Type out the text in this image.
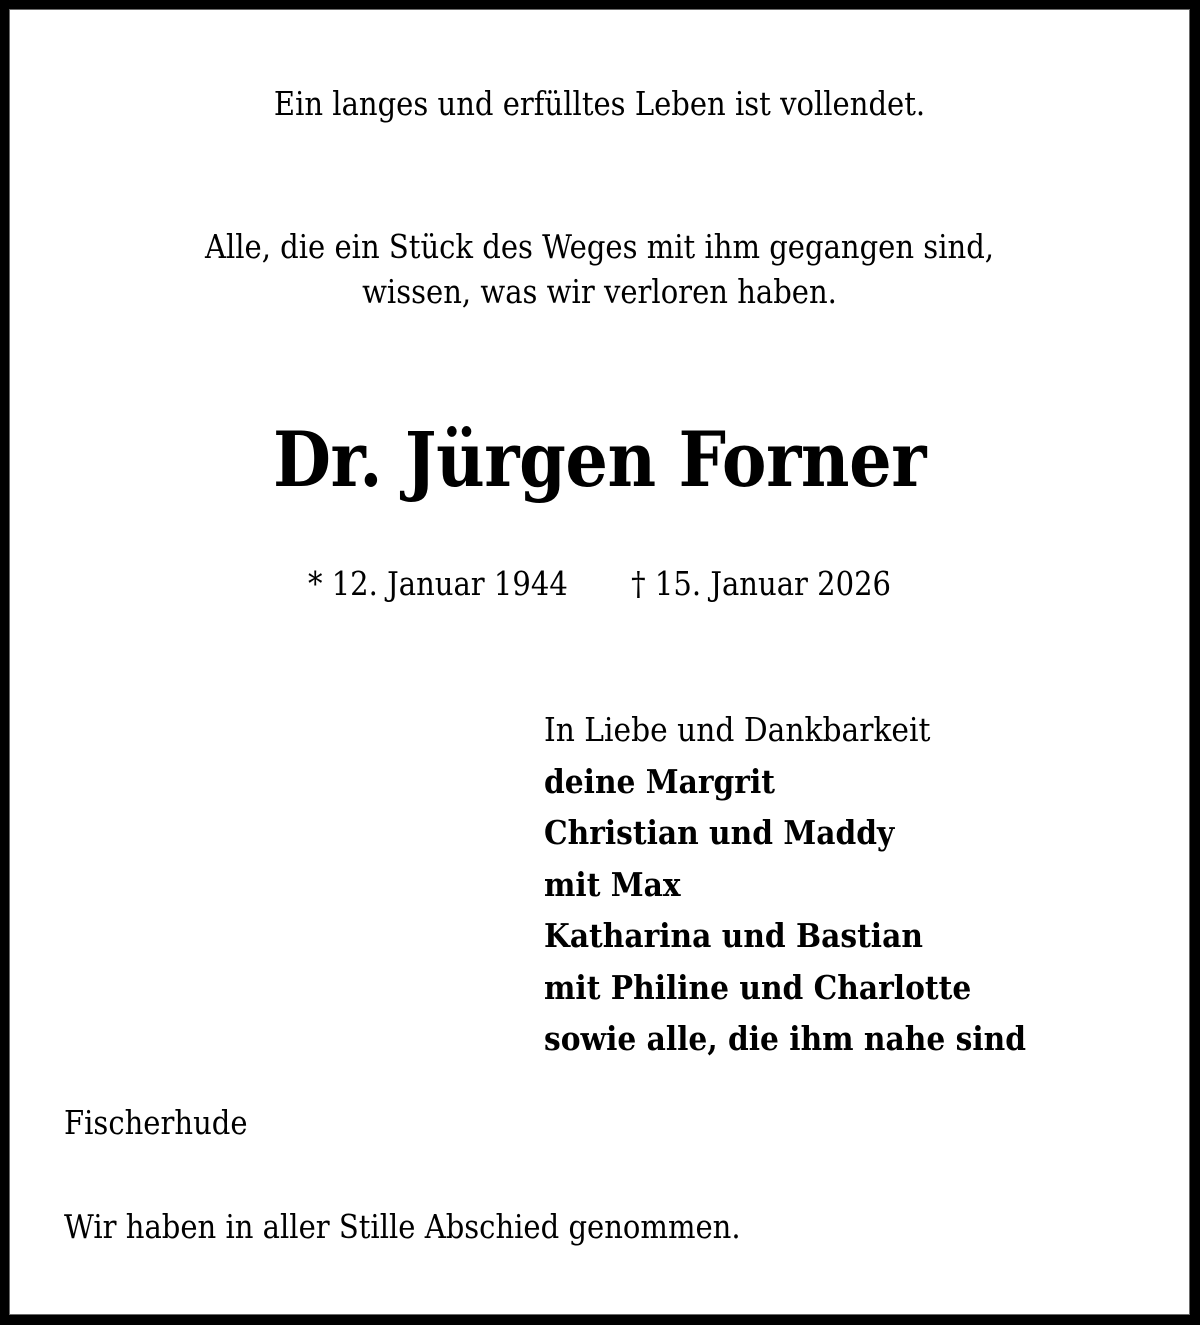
Ein langes und erfülltes Leben ist vollendet.
Alle, die ein Stück des Weges mit ihm gegangen sind,
wissen, was wir verloren haben.
Dr. Jürgen Forner
* 12. Januar 1944 † 15. Januar 2026
In Liebe und Dankbarkeit
deine Margrit
Christian und Maddy
mit Max
Katharina und Bastian
mit Philine und Charlotte
sowie alle, die ihm nahe sind
Fischerhude
Wir haben in aller Stille Abschied genommen.
